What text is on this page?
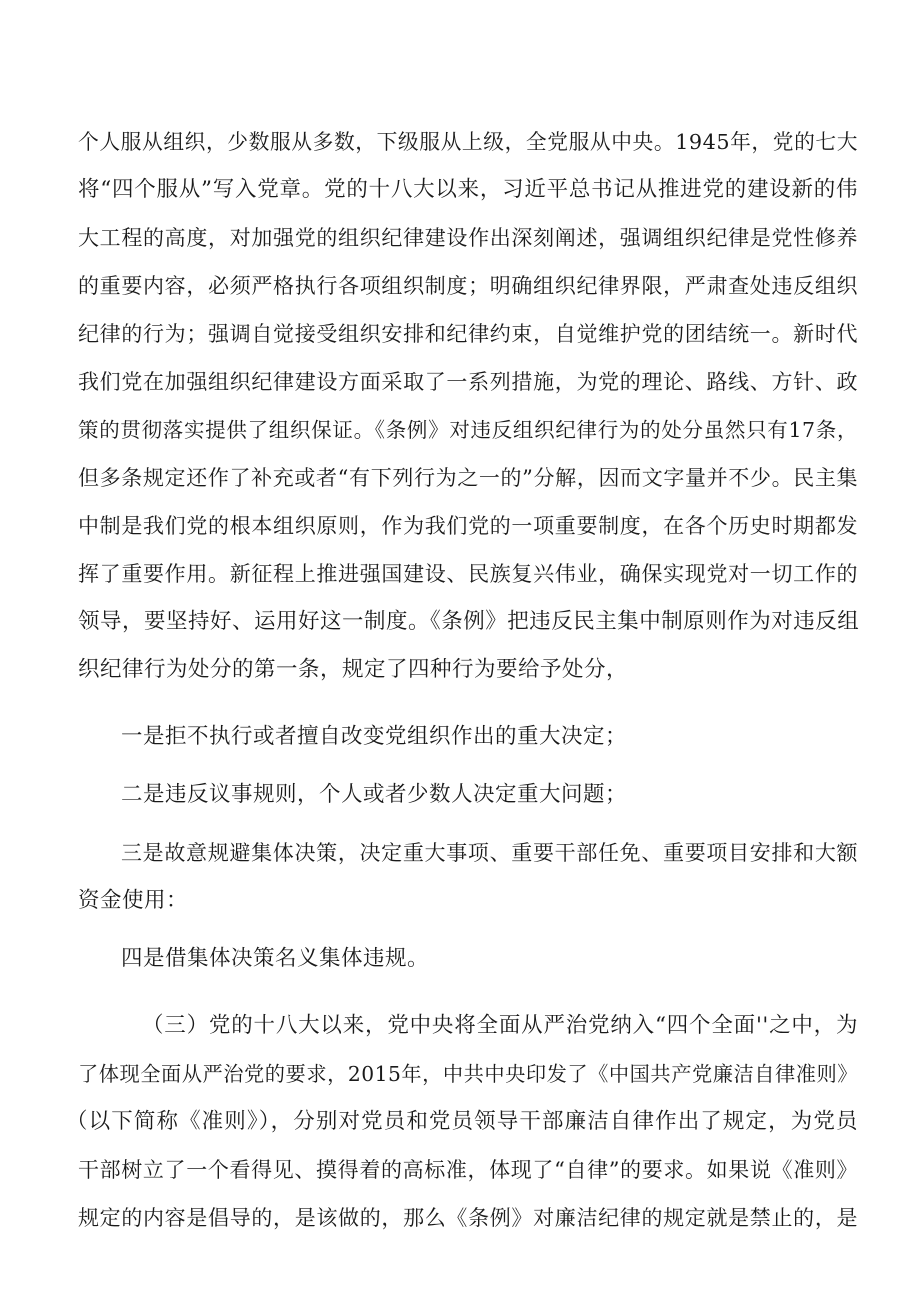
个人服从组织，少数服从多数，下级服从上级，全党服从中央。1945年，党的七大
将“四个服从”写入党章。党的十八大以来，习近平总书记从推进党的建设新的伟
大工程的高度，对加强党的组织纪律建设作出深刻阐述，强调组织纪律是党性修养
的重要内容，必须严格执行各项组织制度；明确组织纪律界限，严肃查处违反组织
纪律的行为；强调自觉接受组织安排和纪律约束，自觉维护党的团结统一。新时代
我们党在加强组织纪律建设方面采取了一系列措施，为党的理论、路线、方针、政
策的贯彻落实提供了组织保证。《条例》对违反组织纪律行为的处分虽然只有17条，
但多条规定还作了补充或者“有下列行为之一的”分解，因而文字量并不少。民主集
中制是我们党的根本组织原则，作为我们党的一项重要制度，在各个历史时期都发
挥了重要作用。新征程上推进强国建设、民族复兴伟业，确保实现党对一切工作的
领导，要坚持好、运用好这一制度。《条例》把违反民主集中制原则作为对违反组
织纪律行为处分的第一条，规定了四种行为要给予处分，
一是拒不执行或者擅自改变党组织作出的重大决定；
二是违反议事规则，个人或者少数人决定重大问题；
三是故意规避集体决策，决定重大事项、重要干部任免、重要项目安排和大额
资金使用：
四是借集体决策名义集体违规。
（三）党的十八大以来，党中央将全面从严治党纳入“四个全面''之中，为
了体现全面从严治党的要求，2015年，中共中央印发了《中国共产党廉洁自律准则》
（以下简称《准则》），分别对党员和党员领导干部廉洁自律作出了规定，为党员
干部树立了一个看得见、摸得着的高标准，体现了“自律”的要求。如果说《准则》
规定的内容是倡导的，是该做的，那么《条例》对廉洁纪律的规定就是禁止的，是
